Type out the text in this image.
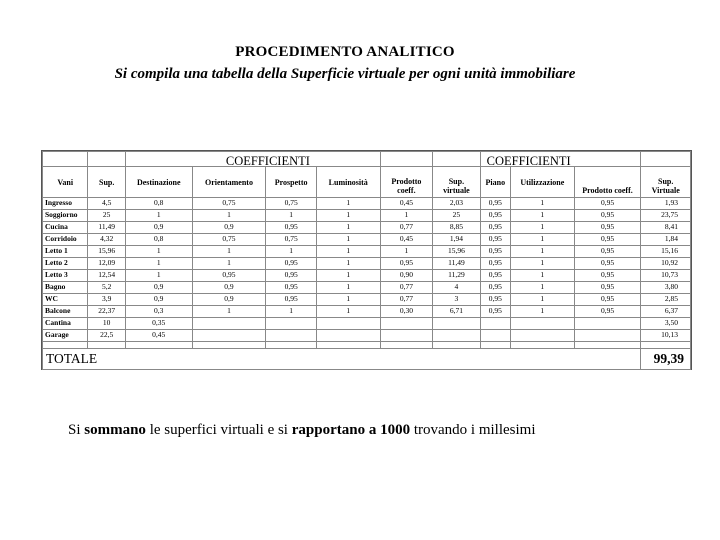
PROCEDIMENTO ANALITICO
Si compila una tabella della Superficie virtuale per ogni unità immobiliare
		COEFFICIENTI						COEFFICIENTI			
Vani	Sup.	Destinazione	Orientamento	Prospetto	Luminosità	Prodotto coeff.	Sup. virtuale	Piano	Utilizzazione	Prodotto coeff.	Sup. Virtuale
Ingresso	4,5	0,8	0,75	0,75	1	0,45	2,03	0,95	1	0,95	1,93
Soggiorno	25	1	1	1	1	1	25	0,95	1	0,95	23,75
Cucina	11,49	0,9	0,9	0,95	1	0,77	8,85	0,95	1	0,95	8,41
Corridoio	4,32	0,8	0,75	0,75	1	0,45	1,94	0,95	1	0,95	1,84
Letto 1	15,96	1	1	1	1	1	15,96	0,95	1	0,95	15,16
Letto 2	12,09	1	1	0,95	1	0,95	11,49	0,95	1	0,95	10,92
Letto 3	12,54	1	0,95	0,95	1	0,90	11,29	0,95	1	0,95	10,73
Bagno	5,2	0,9	0,9	0,95	1	0,77	4	0,95	1	0,95	3,80
WC	3,9	0,9	0,9	0,95	1	0,77	3	0,95	1	0,95	2,85
Balcone	22,37	0,3	1	1	1	0,30	6,71	0,95	1	0,95	6,37
Cantina	10	0,35									3,50
Garage	22,5	0,45									10,13

TOTALE											99,39
Si sommano le superfici virtuali e si rapportano a 1000 trovando i millesimi
